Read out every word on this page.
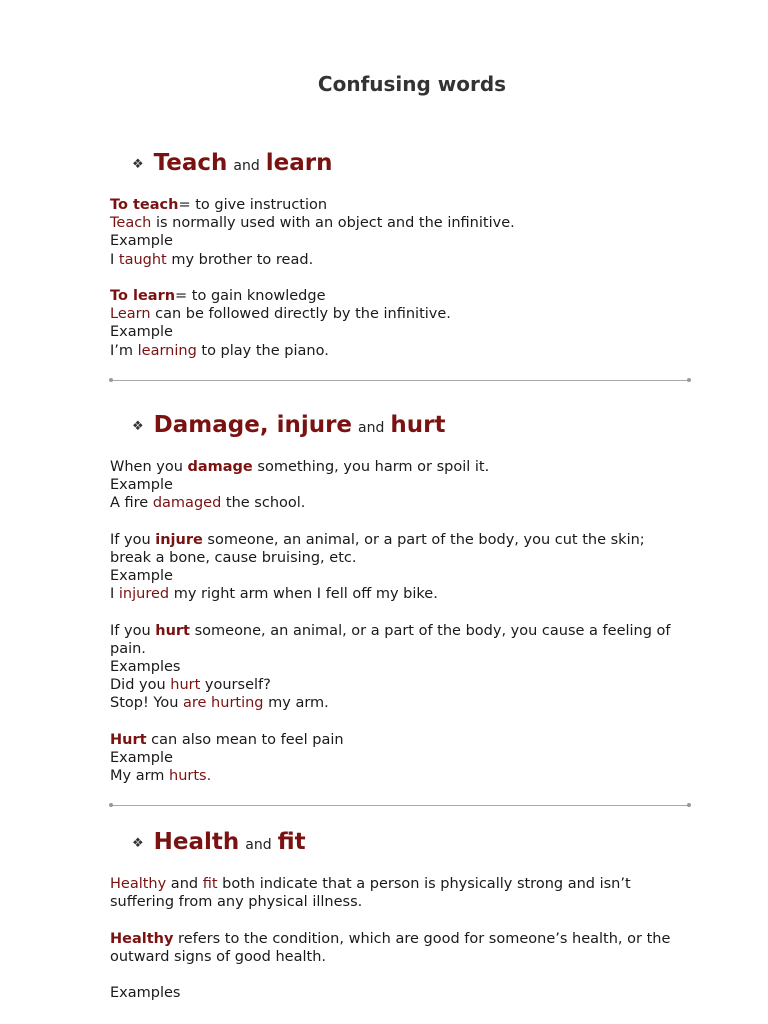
Confusing words
❖ Teach and learn
To teach= to give instruction
Teach is normally used with an object and the infinitive.
Example
I taught my brother to read.
To learn= to gain knowledge
Learn can be followed directly by the infinitive.
Example
I’m learning to play the piano.
❖ Damage, injure and hurt
When you damage something, you harm or spoil it.
Example
A fire damaged the school.
If you injure someone, an animal, or a part of the body, you cut the skin;
break a bone, cause bruising, etc.
Example
I injured my right arm when I fell off my bike.
If you hurt someone, an animal, or a part of the body, you cause a feeling of
pain.
Examples
Did you hurt yourself?
Stop! You are hurting my arm.
Hurt can also mean to feel pain
Example
My arm hurts.
❖ Health and fit
Healthy and fit both indicate that a person is physically strong and isn’t
suffering from any physical illness.
Healthy refers to the condition, which are good for someone’s health, or the
outward signs of good health.
Examples
